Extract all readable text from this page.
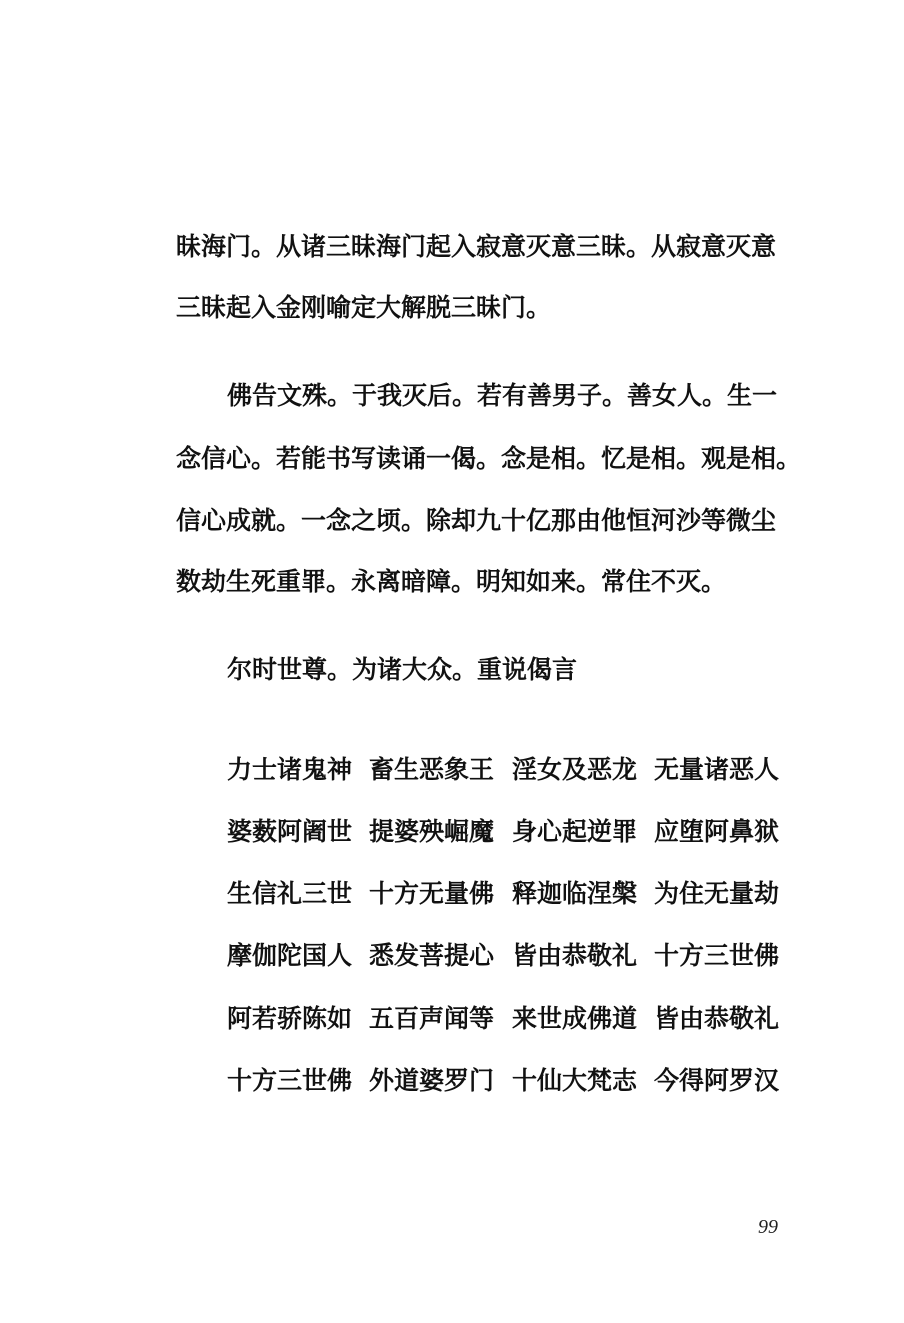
昧海门。从诸三昧海门起入寂意灭意三昧。从寂意灭意
三昧起入金刚喻定大解脱三昧门。
佛告文殊。于我灭后。若有善男子。善女人。生一
念信心。若能书写读诵一偈。念是相。忆是相。观是相。
信心成就。一念之顷。除却九十亿那由他恒河沙等微尘
数劫生死重罪。永离暗障。明知如来。常住不灭。
尔时世尊。为诸大众。重说偈言
力士诸鬼神 畜生恶象王 淫女及恶龙 无量诸恶人
婆薮阿阇世 提婆殃崛魔 身心起逆罪 应堕阿鼻狱
生信礼三世 十方无量佛 释迦临涅槃 为住无量劫
摩伽陀国人 悉发菩提心 皆由恭敬礼 十方三世佛
阿若骄陈如 五百声闻等 来世成佛道 皆由恭敬礼
十方三世佛 外道婆罗门 十仙大梵志 今得阿罗汉
99
